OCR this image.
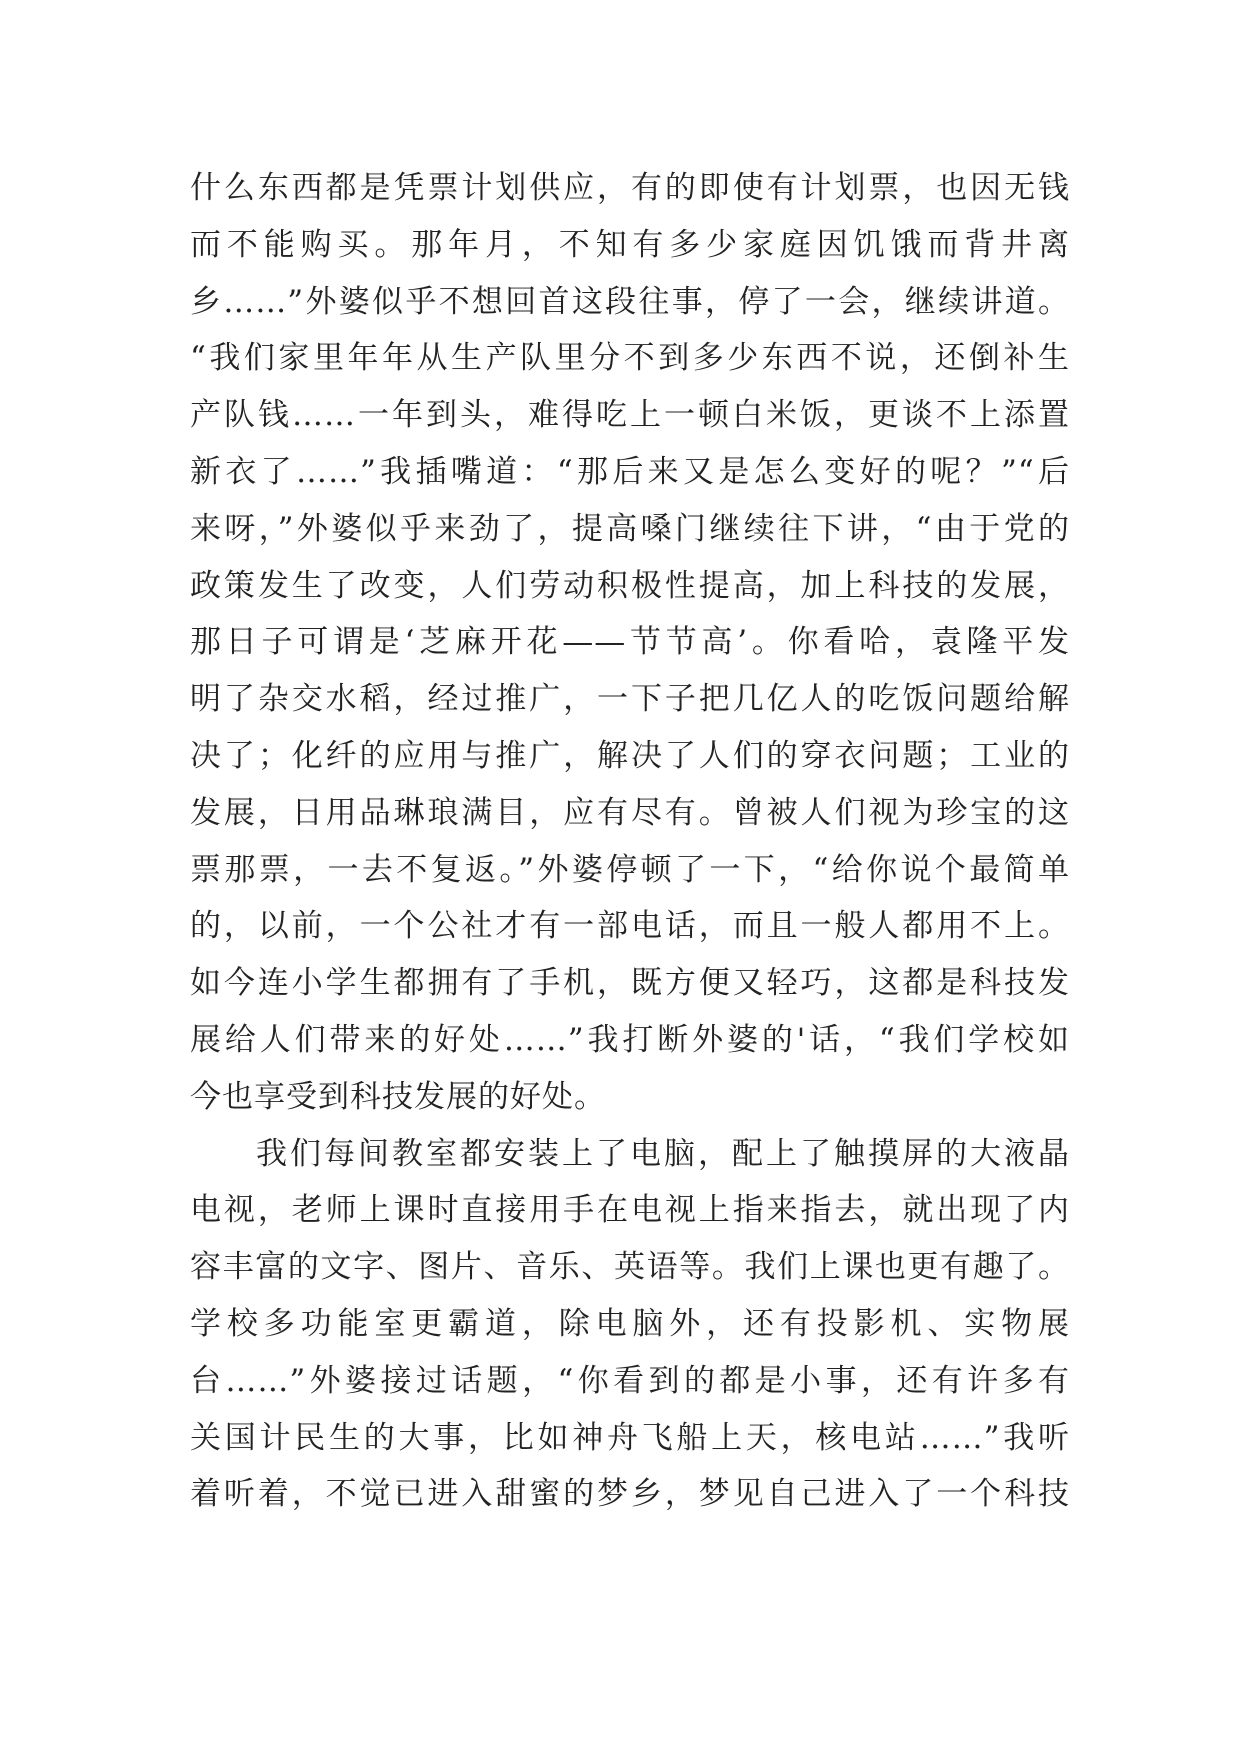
什么东西都是凭票计划供应，有的即使有计划票，也因无钱
而不能购买。那年月，不知有多少家庭因饥饿而背井离
乡……”外婆似乎不想回首这段往事，停了一会，继续讲道。
“我们家里年年从生产队里分不到多少东西不说，还倒补生
产队钱……一年到头，难得吃上一顿白米饭，更谈不上添置
新衣了……”我插嘴道：“那后来又是怎么变好的呢？”“后
来呀，”外婆似乎来劲了，提高嗓门继续往下讲，“由于党的
政策发生了改变，人们劳动积极性提高，加上科技的发展，
那日子可谓是‘芝麻开花——节节高’。你看哈，袁隆平发
明了杂交水稻，经过推广，一下子把几亿人的吃饭问题给解
决了；化纤的应用与推广，解决了人们的穿衣问题；工业的
发展，日用品琳琅满目，应有尽有。曾被人们视为珍宝的这
票那票，一去不复返。”外婆停顿了一下，“给你说个最简单
的，以前，一个公社才有一部电话，而且一般人都用不上。
如今连小学生都拥有了手机，既方便又轻巧，这都是科技发
展给人们带来的好处……”我打断外婆的'话，“我们学校如
今也享受到科技发展的好处。
我们每间教室都安装上了电脑，配上了触摸屏的大液晶
电视，老师上课时直接用手在电视上指来指去，就出现了内
容丰富的文字、图片、音乐、英语等。我们上课也更有趣了。
学校多功能室更霸道，除电脑外，还有投影机、实物展
台……”外婆接过话题，“你看到的都是小事，还有许多有
关国计民生的大事，比如神舟飞船上天，核电站……”我听
着听着，不觉已进入甜蜜的梦乡，梦见自己进入了一个科技
